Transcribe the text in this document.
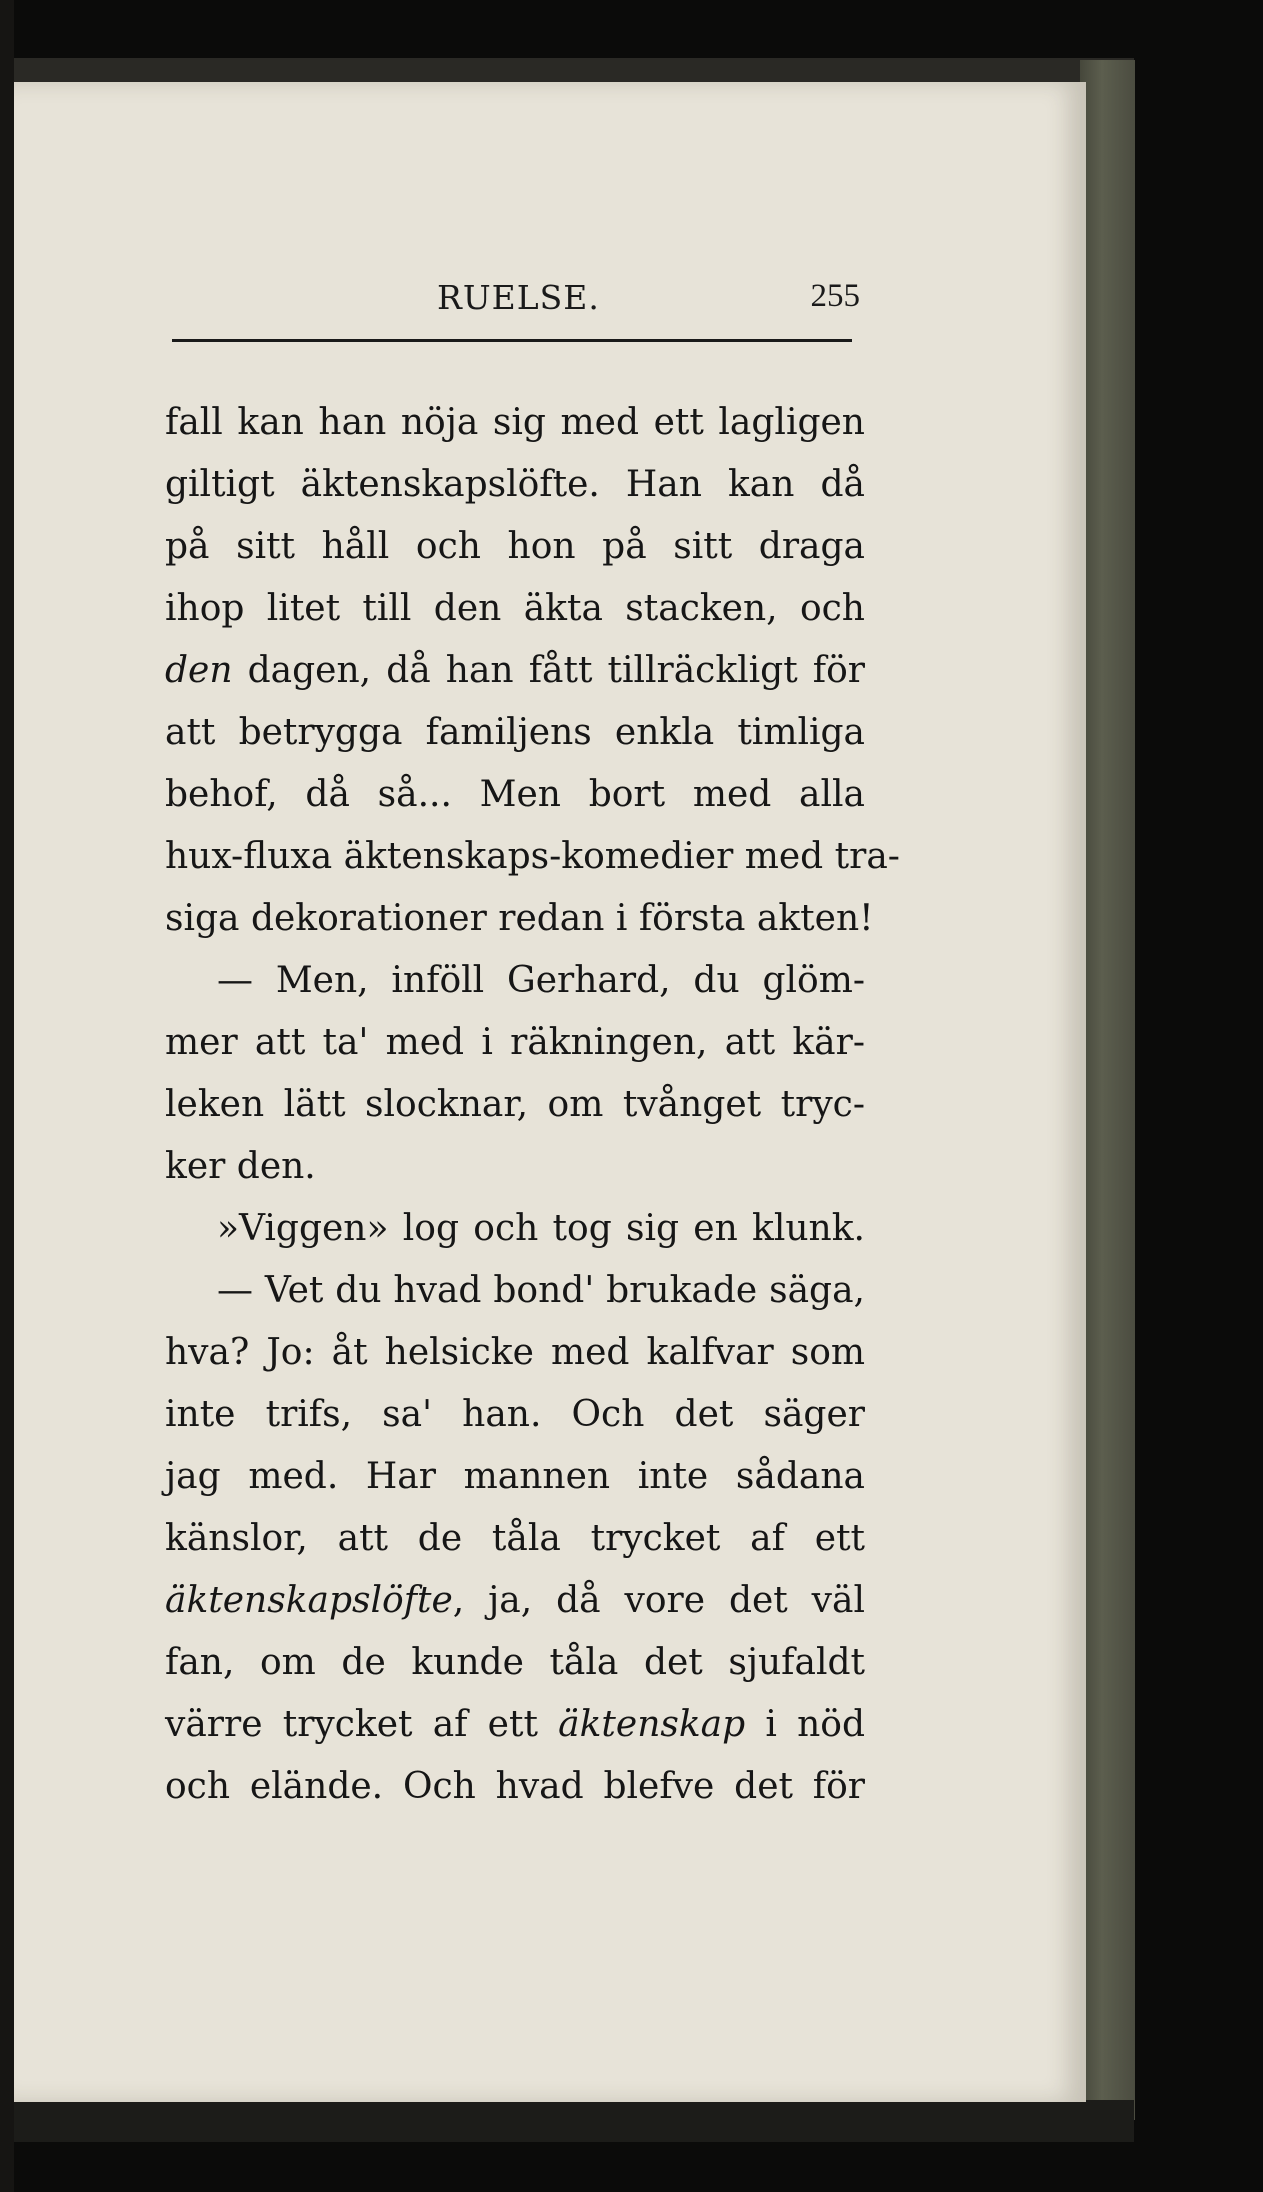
RUELSE.	255
fall kan han nöja sig med ett lagligen
giltigt äktenskapslöfte. Han kan då
på sitt håll och hon på sitt draga
ihop litet till den äkta stacken, och
den dagen, då han fått tillräckligt för
att betrygga familjens enkla timliga
behof, då så... Men bort med alla
hux-fluxa äktenskaps-komedier med tra-
siga dekorationer redan i första akten!
— Men, inföll Gerhard, du glöm-
mer att ta' med i räkningen, att kär-
leken lätt slocknar, om tvånget tryc-
ker den.
»Viggen» log och tog sig en klunk.
— Vet du hvad bond' brukade säga,
hva? Jo: åt helsicke med kalfvar som
inte trifs, sa' han. Och det säger
jag med. Har mannen inte sådana
känslor, att de tåla trycket af ett
äktenskapslöfte, ja, då vore det väl
fan, om de kunde tåla det sjufaldt
värre trycket af ett äktenskap i nöd
och elände. Och hvad blefve det för
